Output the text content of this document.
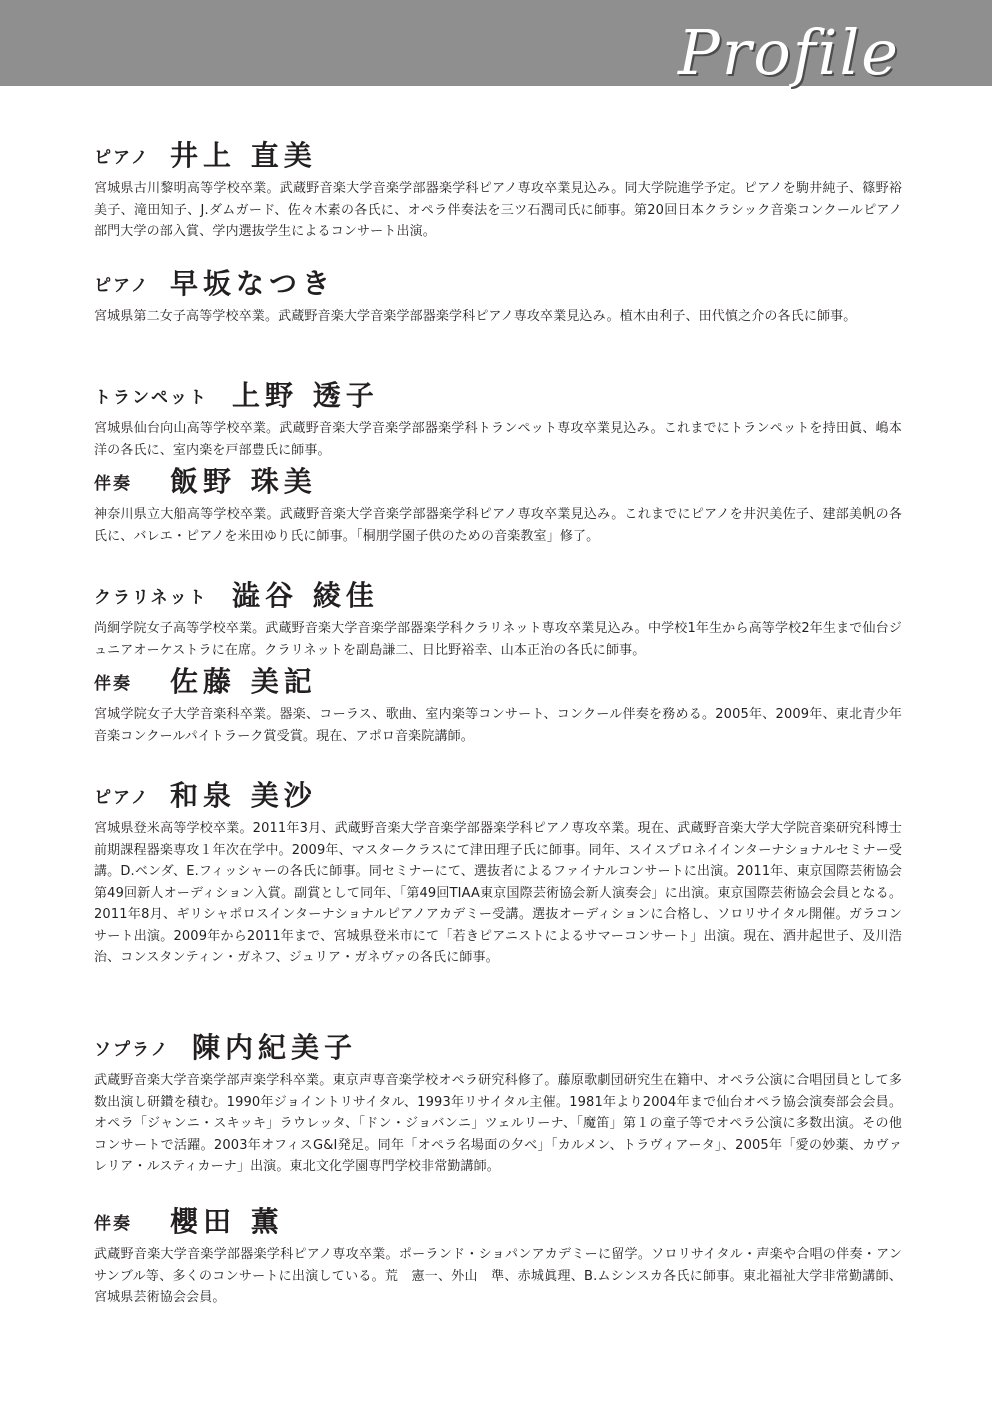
Profile
ピアノ 井上 直美
宮城県古川黎明高等学校卒業。武蔵野音楽大学音楽学部器楽学科ピアノ専攻卒業見込み。同大学院進学予定。ピアノを駒井純子、篠野裕美子、滝田知子、J.ダムガード、佐々木素の各氏に、オペラ伴奏法を三ツ石潤司氏に師事。第20回日本クラシック音楽コンクールピアノ部門大学の部入賞、学内選抜学生によるコンサート出演。
ピアノ 早坂なつき
宮城県第二女子高等学校卒業。武蔵野音楽大学音楽学部器楽学科ピアノ専攻卒業見込み。植木由利子、田代慎之介の各氏に師事。
トランペット 上野 透子
宮城県仙台向山高等学校卒業。武蔵野音楽大学音楽学部器楽学科トランペット専攻卒業見込み。これまでにトランペットを持田眞、嶋本洋の各氏に、室内楽を戸部豊氏に師事。
伴奏	飯野 珠美
神奈川県立大船高等学校卒業。武蔵野音楽大学音楽学部器楽学科ピアノ専攻卒業見込み。これまでにピアノを井沢美佐子、建部美帆の各氏に、バレエ・ピアノを米田ゆり氏に師事。「桐朋学園子供のための音楽教室」修了。
クラリネット 澁谷 綾佳
尚絅学院女子高等学校卒業。武蔵野音楽大学音楽学部器楽学科クラリネット専攻卒業見込み。中学校1年生から高等学校2年生まで仙台ジュニアオーケストラに在席。クラリネットを副島謙二、日比野裕幸、山本正治の各氏に師事。
伴奏	佐藤 美記
宮城学院女子大学音楽科卒業。器楽、コーラス、歌曲、室内楽等コンサート、コンクール伴奏を務める。2005年、2009年、東北青少年音楽コンクールパイトラーク賞受賞。現在、アポロ音楽院講師。
ピアノ 和泉 美沙
宮城県登米高等学校卒業。2011年3月、武蔵野音楽大学音楽学部器楽学科ピアノ専攻卒業。現在、武蔵野音楽大学大学院音楽研究科博士前期課程器楽専攻１年次在学中。2009年、マスタークラスにて津田理子氏に師事。同年、スイスプロネイインターナショナルセミナー受講。D.ベンダ、E.フィッシャーの各氏に師事。同セミナーにて、選抜者によるファイナルコンサートに出演。2011年、東京国際芸術協会第49回新人オーディション入賞。副賞として同年、「第49回TIAA東京国際芸術協会新人演奏会」に出演。東京国際芸術協会会員となる。2011年8月、ギリシャポロスインターナショナルピアノアカデミー受講。選抜オーディションに合格し、ソロリサイタル開催。ガラコンサート出演。2009年から2011年まで、宮城県登米市にて「若きピアニストによるサマーコンサート」出演。現在、酒井起世子、及川浩治、コンスタンティン・ガネフ、ジュリア・ガネヴァの各氏に師事。
ソプラノ 陳内紀美子
武蔵野音楽大学音楽学部声楽学科卒業。東京声専音楽学校オペラ研究科修了。藤原歌劇団研究生在籍中、オペラ公演に合唱団員として多数出演し研鑽を積む。1990年ジョイントリサイタル、1993年リサイタル主催。1981年より2004年まで仙台オペラ協会演奏部会会員。オペラ「ジャンニ・スキッキ」ラウレッタ、「ドン・ジョバンニ」ツェルリーナ、「魔笛」第１の童子等でオペラ公演に多数出演。その他コンサートで活躍。2003年オフィスG&I発足。同年「オペラ名場面の夕べ」「カルメン、トラヴィアータ」、2005年「愛の妙薬、カヴァレリア・ルスティカーナ」出演。東北文化学園専門学校非常勤講師。
伴奏	櫻田 薫
武蔵野音楽大学音楽学部器楽学科ピアノ専攻卒業。ポーランド・ショパンアカデミーに留学。ソロリサイタル・声楽や合唱の伴奏・アンサンブル等、多くのコンサートに出演している。荒　憲一、外山　準、赤城眞理、B.ムシンスカ各氏に師事。東北福祉大学非常勤講師、宮城県芸術協会会員。
